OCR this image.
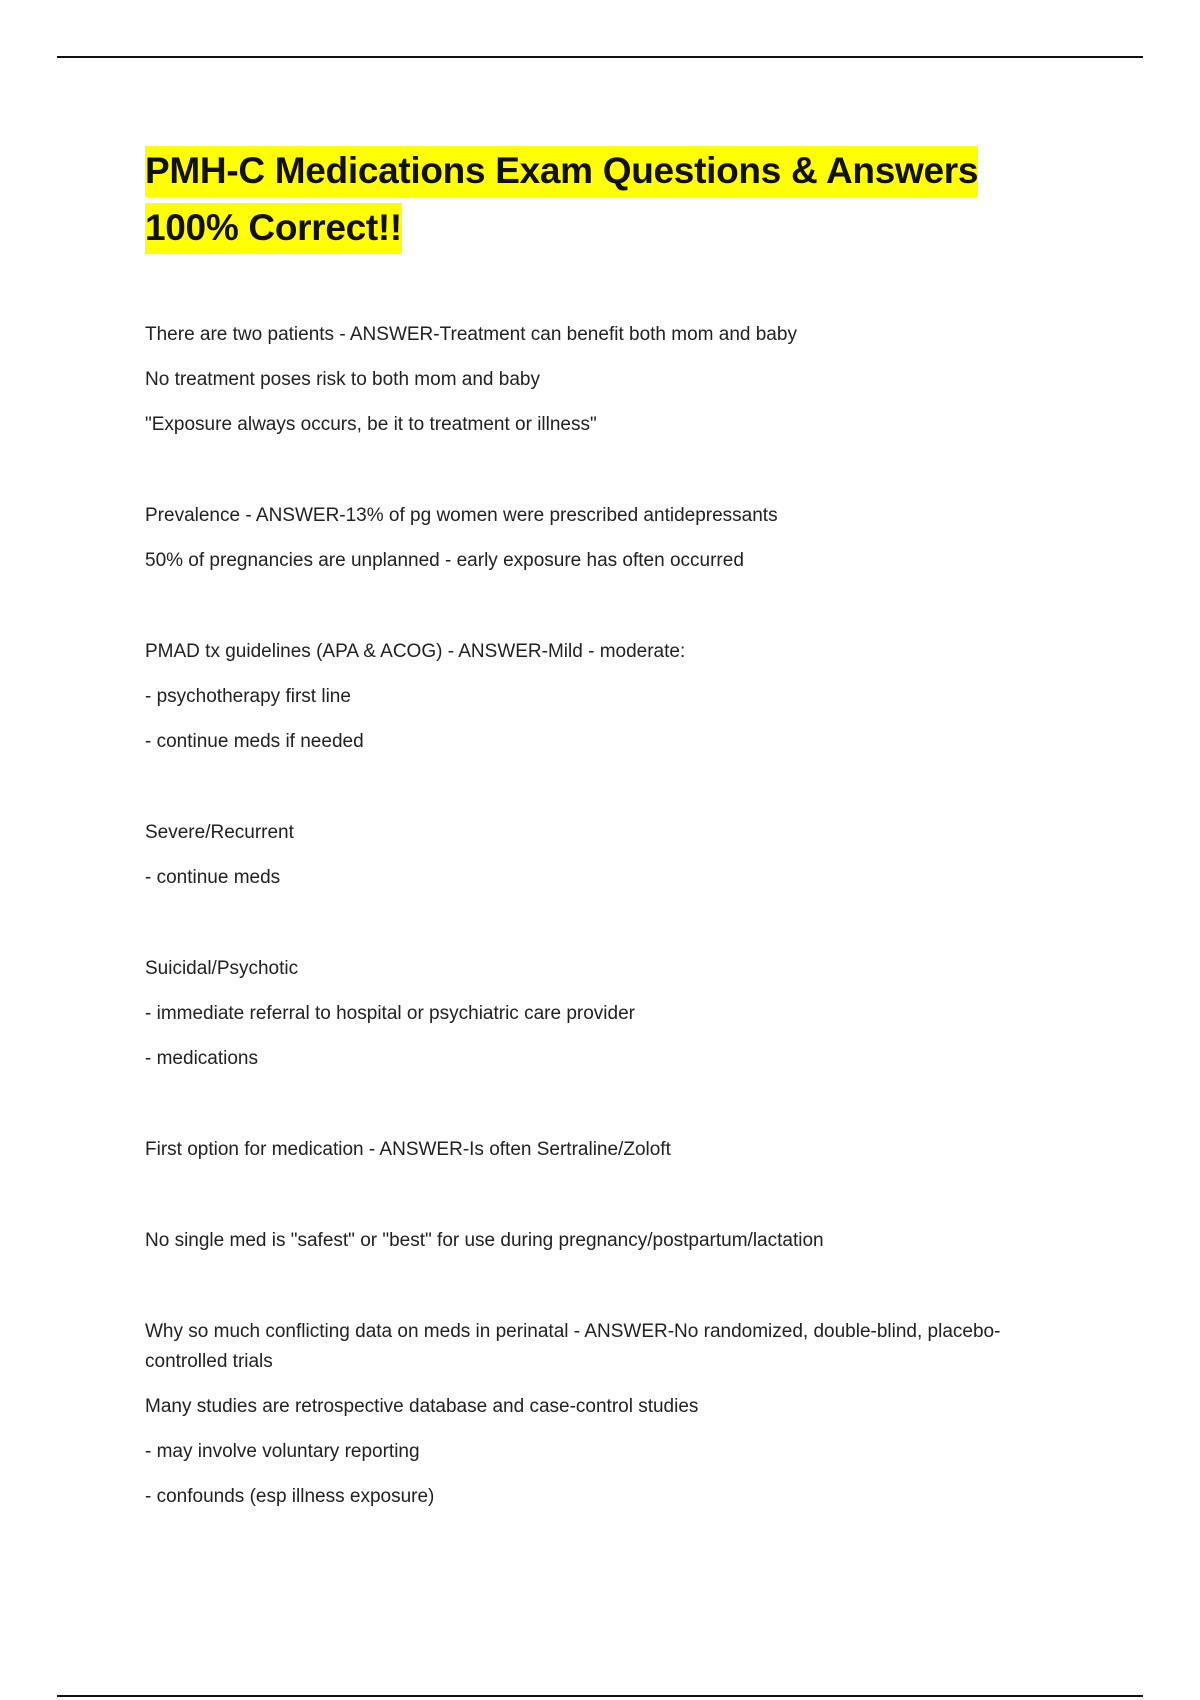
PMH-C Medications Exam Questions & Answers
100% Correct!!

There are two patients - ANSWER-Treatment can benefit both mom and baby

No treatment poses risk to both mom and baby

"Exposure always occurs, be it to treatment or illness"

Prevalence - ANSWER-13% of pg women were prescribed antidepressants

50% of pregnancies are unplanned - early exposure has often occurred

PMAD tx guidelines (APA & ACOG) - ANSWER-Mild - moderate:

- psychotherapy first line

- continue meds if needed

Severe/Recurrent

- continue meds

Suicidal/Psychotic

- immediate referral to hospital or psychiatric care provider

- medications

First option for medication - ANSWER-Is often Sertraline/Zoloft

No single med is "safest" or "best" for use during pregnancy/postpartum/lactation

Why so much conflicting data on meds in perinatal - ANSWER-No randomized, double-blind, placebo-controlled trials

Many studies are retrospective database and case-control studies

- may involve voluntary reporting

- confounds (esp illness exposure)
